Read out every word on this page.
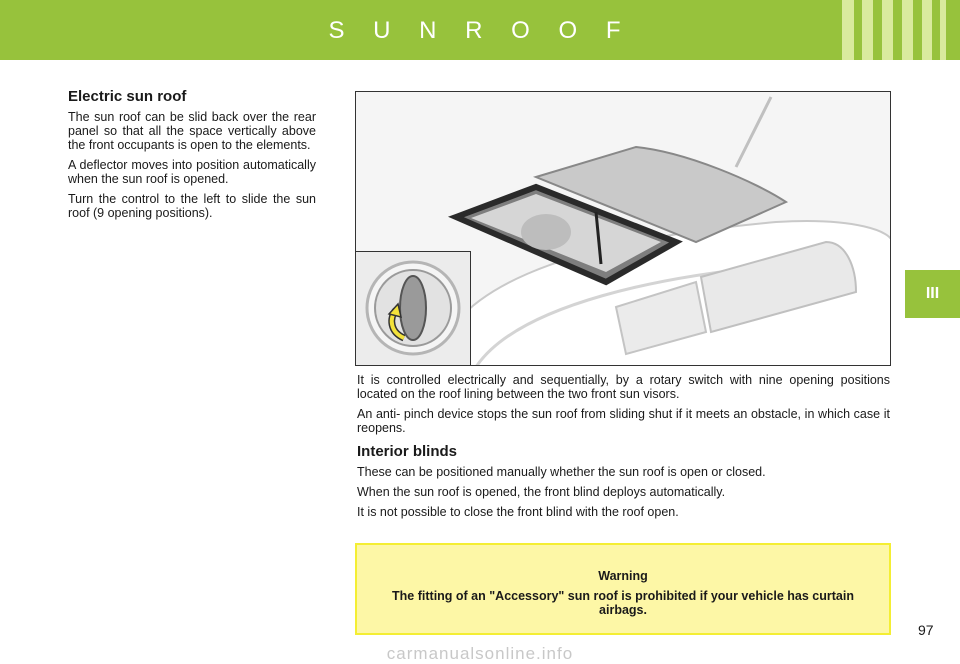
S U N R O O F
III
Electric sun roof

The sun roof can be slid back over the rear panel so that all the space vertically above the front occupants is open to the elements.

A deflector moves into position automatically when the sun roof is opened.

Turn the control to the left to slide the sun roof (9 opening positions).

It is controlled electrically and sequentially, by a rotary switch with nine opening positions located on the roof lining between the two front sun visors.

An anti- pinch device stops the sun roof from sliding shut if it meets an obstacle, in which case it reopens.

Interior blinds

These can be positioned manually whether the sun roof is open or closed.

When the sun roof is opened, the front blind deploys automatically.

It is not possible to close the front blind with the roof open.

Warning

The fitting of an "Accessory" sun roof is prohibited if your vehicle has curtain airbags.

97
carmanualsonline.info
